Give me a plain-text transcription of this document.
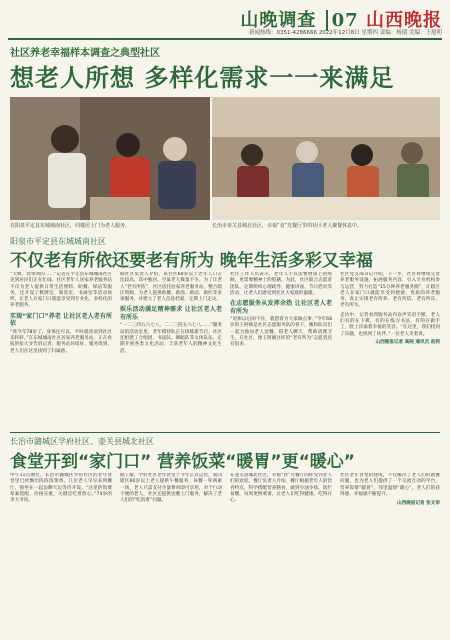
山晚调查 07 山西晚报
新闻热线：0351-4286666 2022年12月8日 星期四 责编：杨朋 美编：王旭明
社区养老幸福样本调查之典型社区
想老人所想 多样化需求一一来满足
在阳泉平定县东城城南社区，同楼居上门为老人服务。	长治市壶关县城北社区，幸福“食”光餐厅里的社区老人聚餐休息中。
阳泉市平定县东城城南社区
不仅老有所依还要老有所为 晚年生活多彩又幸福
“大姐，您带回的……”记者在平定县东城城南社区见到居民们正在忙碌。社区老年人居家养老服务站不仅为老人提供日常生活照料、助餐、保洁等服务，还开设了棋牌室、阅览室、书画室等活动场所，让老人在家门口就能享受到专业化、多样化的养老服务。
实现“家门口”养老 让社区老人老有所依
“我今年78岁了，身体还可以，平时就喜欢到社区来转转。”在东城城南社区居家养老服务站，正在看报的张大爷告诉记者，服务站环境好、服务周到，老人们在这里找到了归属感。
据社区负责人介绍，该社区60岁以上老年人口占比较高，其中独居、空巢老人数量不少。为了让老人“老有所依”，社区依托居家养老服务站，整合辖区资源，为老人提供助餐、助浴、助洁、助医等多项服务，并建立了老人信息档案，定期上门走访。
娱乐活动满足精神需求 让社区老人老有所乐
“一二三四五六七八，二二三四五六七八……”服务站的活动室里，老年模特队正在排练新节目。社区还组建了合唱团、书法队、舞蹈队等文体队伍，定期开展各类文化活动，丰富老年人的精神文化生活。
社区工作人员表示，老年人不仅需要物质上的照顾，更需要精神上的慰藉。为此，社区联合志愿者团队，定期组织心理疏导、健康讲座、节日慰问等活动，让老人们感受到社区大家庭的温暖。
在志愿服务从发挥余热 让社区老人老有所为
“退休以后闲不住，就想着为大家做点事。”今年68岁的王阿姨是社区志愿服务队的骨干，她和队员们一起为独居老人送餐、陪老人聊天、帮助清理卫生。在社区，像王阿姨这样的“老有所为”志愿者还有很多。
社区党支部书记介绍，下一步，社区将继续完善养老服务设施，拓展服务内容，引入专业机构参与运营，努力打造“15分钟养老服务圈”，让辖区老人在家门口就能享受到便捷、优质的养老服务，真正实现老有所养、老有所依、老有所乐、老有所为。
走访中，记者看到服务站内欢声笑语不断，老人们有的在下棋，有的在练习书法，有的在做手工，脸上洋溢着幸福的笑容。“在这里，我们找到了乐趣，也找到了伙伴。”一位老人笑着说。
山西晚报记者 高晓 通讯员 赵莉
长治市潞城区学府社区、壶关县城北社区
食堂开到“家门口” 营养饭菜“暖胃”更“暖心”
中午11点刚过，长治市潞城区学府社区的老年食堂里已经飘出阵阵饭菜香。几位老人早早来到餐厅，围坐在一起边聊天边等待开饭。“这里的饭菜荤素搭配、价格实惠，关键是吃着放心。”74岁的李大爷说。
据了解，学府社区老年食堂于今年正式运营，面向辖区60岁以上老人提供午餐服务，每餐一荤两素一汤，老人只需支付少量费用即可享用，对于行动不便的老人，社区还提供送餐上门服务，解决了老人们的“吃饭难”问题。
在壶关县城北社区，幸福“食”光餐厅同样受到老人们的欢迎。餐厅负责人介绍，餐厅根据老年人的饮食特点，科学搭配营养膳食，做到少油少盐、软烂易嚼，每周更换菜谱，让老人们吃得健康、吃得开心。
社区老年食堂的建成，不仅解决了老人们的就餐问题，也为老人们提供了一个交流互动的平台，营养饭菜“暖胃”，邻里温情“暖心”，老人们的获得感、幸福感不断提升。
山西晚报记者 张文宰
